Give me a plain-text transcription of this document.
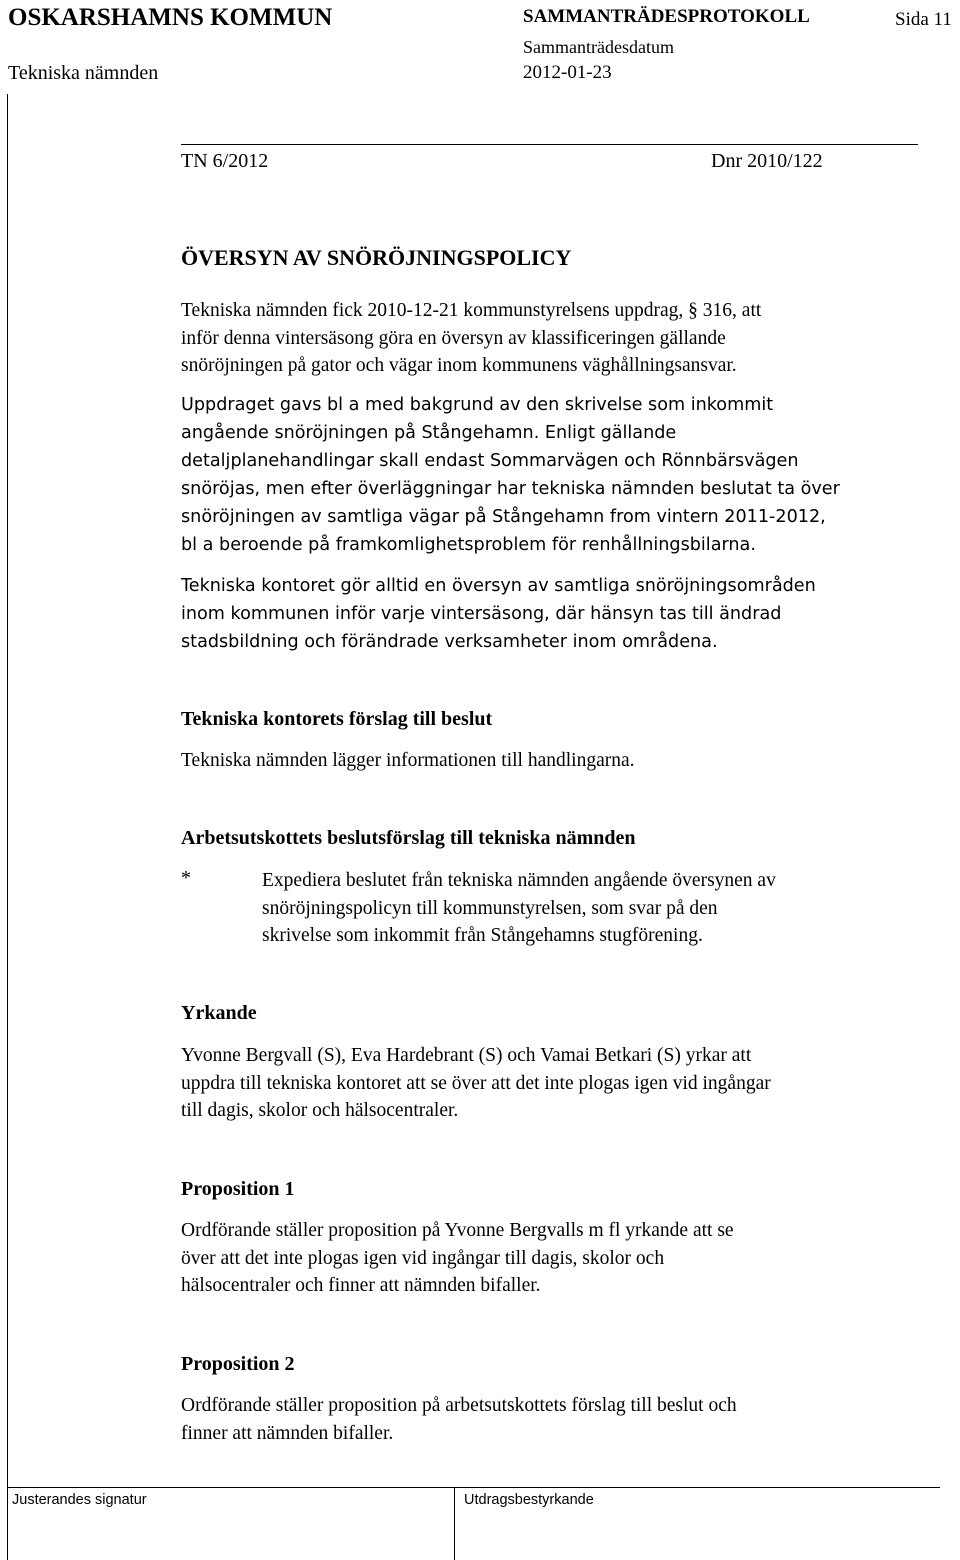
OSKARSHAMNS KOMMUN
Tekniska nämnden
SAMMANTRÄDESPROTOKOLL
Sammanträdesdatum
2012-01-23
Sida 11
TN 6/2012	Dnr 2010/122
ÖVERSYN AV SNÖRÖJNINGSPOLICY
Tekniska nämnden fick 2010-12-21 kommunstyrelsens uppdrag, § 316, att
inför denna vintersäsong göra en översyn av klassificeringen gällande
snöröjningen på gator och vägar inom kommunens väghållningsansvar.
Uppdraget gavs bl a med bakgrund av den skrivelse som inkommit
angående snöröjningen på Stångehamn. Enligt gällande
detaljplanehandlingar skall endast Sommarvägen och Rönnbärsvägen
snöröjas, men efter överläggningar har tekniska nämnden beslutat ta över
snöröjningen av samtliga vägar på Stångehamn from vintern 2011-2012,
bl a beroende på framkomlighetsproblem för renhållningsbilarna.
Tekniska kontoret gör alltid en översyn av samtliga snöröjningsområden
inom kommunen inför varje vintersäsong, där hänsyn tas till ändrad
stadsbildning och förändrade verksamheter inom områdena.
Tekniska kontorets förslag till beslut
Tekniska nämnden lägger informationen till handlingarna.
Arbetsutskottets beslutsförslag till tekniska nämnden
*	Expediera beslutet från tekniska nämnden angående översynen av
snöröjningspolicyn till kommunstyrelsen, som svar på den
skrivelse som inkommit från Stångehamns stugförening.
Yrkande
Yvonne Bergvall (S), Eva Hardebrant (S) och Vamai Betkari (S) yrkar att
uppdra till tekniska kontoret att se över att det inte plogas igen vid ingångar
till dagis, skolor och hälsocentraler.
Proposition 1
Ordförande ställer proposition på Yvonne Bergvalls m fl yrkande att se
över att det inte plogas igen vid ingångar till dagis, skolor och
hälsocentraler och finner att nämnden bifaller.
Proposition 2
Ordförande ställer proposition på arbetsutskottets förslag till beslut och
finner att nämnden bifaller.
Justerandes signatur	Utdragsbestyrkande
